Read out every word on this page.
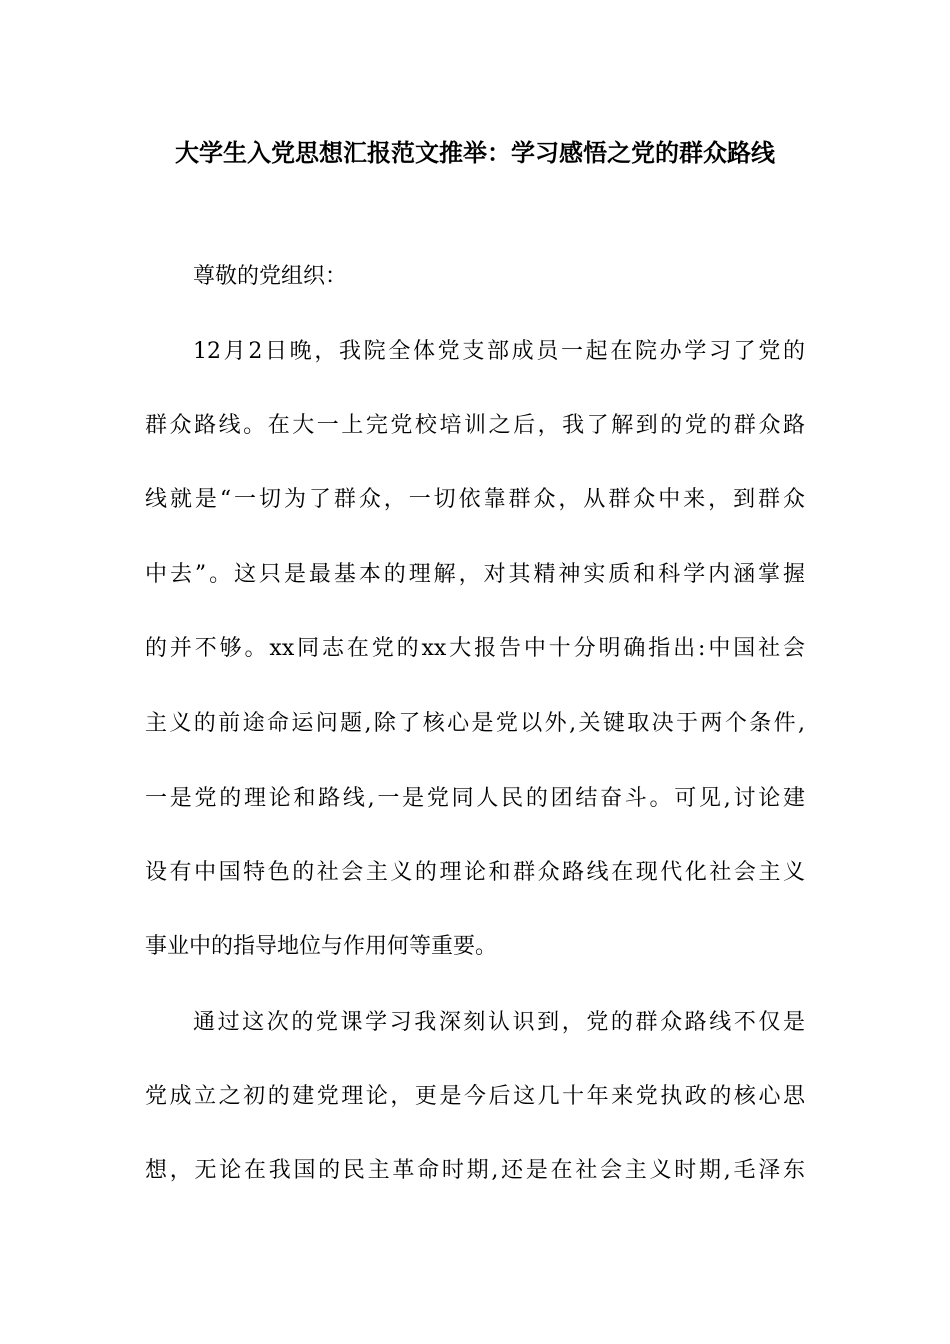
大学生入党思想汇报范文推举：学习感悟之党的群众路线
尊敬的党组织：
12月2日晚，我院全体党支部成员一起在院办学习了党的
群众路线。在大一上完党校培训之后，我了解到的党的群众路
线就是“一切为了群众，一切依靠群众，从群众中来，到群众
中去”。这只是最基本的理解，对其精神实质和科学内涵掌握
的并不够。xx同志在党的xx大报告中十分明确指出:中国社会
主义的前途命运问题,除了核心是党以外,关键取决于两个条件,
一是党的理论和路线,一是党同人民的团结奋斗。可见,讨论建
设有中国特色的社会主义的理论和群众路线在现代化社会主义
事业中的指导地位与作用何等重要。
通过这次的党课学习我深刻认识到，党的群众路线不仅是
党成立之初的建党理论，更是今后这几十年来党执政的核心思
想，无论在我国的民主革命时期,还是在社会主义时期,毛泽东
